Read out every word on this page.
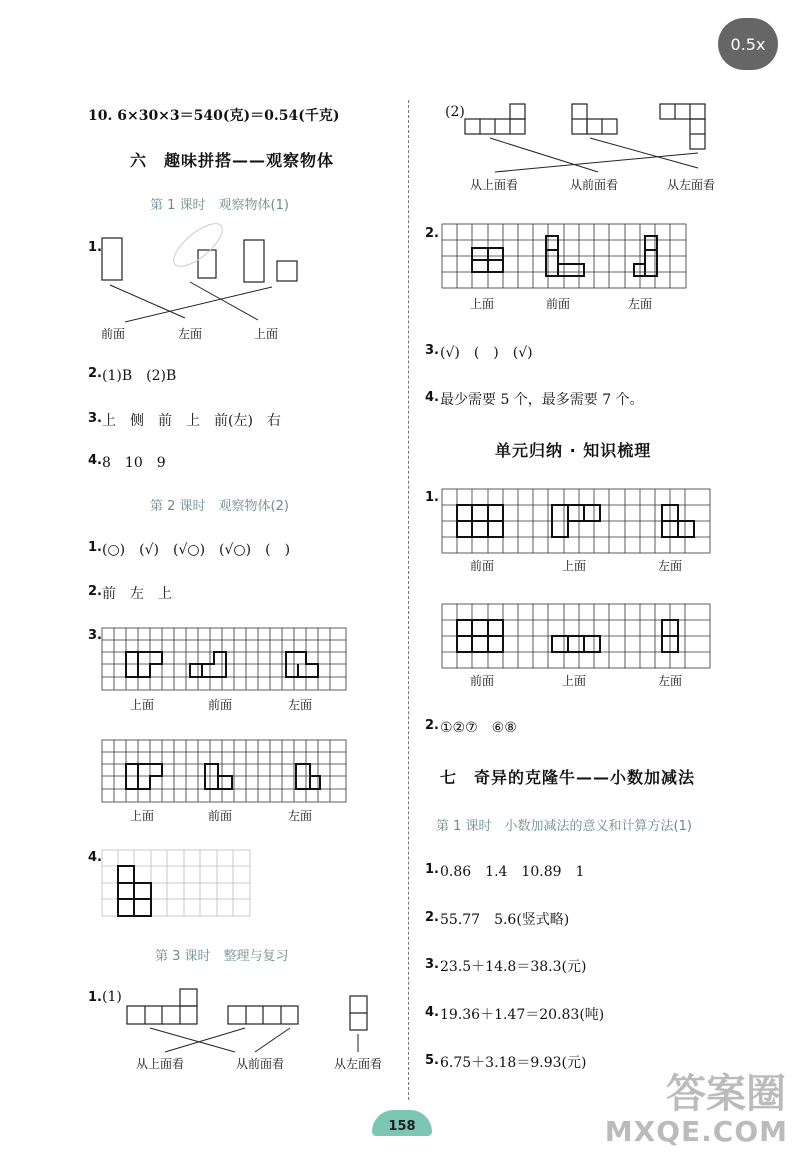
0.5x
10. 6×30×3＝540(克)＝0.54(千克)
六　趣味拼搭——观察物体
第 1 课时　观察物体(1)
1.
前面	左面	上面
2. (1)B　(2)B
3. 上　侧　前　上　前(左)　右
4. 8　10　9
第 2 课时　观察物体(2)
1. (○)　(√)　(√○)　(√○)　(　)
2. 前　左　上
3.
上面	前面	左面
上面	前面	左面
4.
第 3 课时　整理与复习
1. (1)
从上面看	从前面看	从左面看
(2)
从上面看	从前面看	从左面看
2.
上面	前面	左面
3. (√)　(　)　(√)
4. 最少需要 5 个，最多需要 7 个。
单元归纳 · 知识梳理
1.
前面	上面	左面
前面	上面	左面
2. ①②⑦　⑥⑧
七　奇异的克隆牛——小数加减法
第 1 课时　小数加减法的意义和计算方法(1)
1. 0.86　1.4　10.89　1
2. 55.77　5.6(竖式略)
3. 23.5＋14.8＝38.3(元)
4. 19.36＋1.47＝20.83(吨)
5. 6.75＋3.18＝9.93(元)
158
答案圈
MXQE.COM
